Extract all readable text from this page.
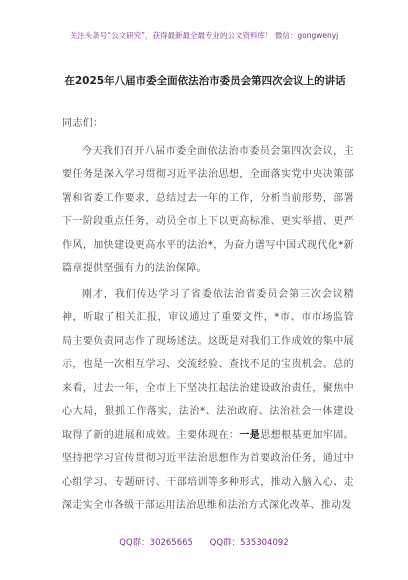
关注头条号“公文研究”，获得最新最全最专业的公文资料库！ 微信：gongwenyj
在2025年八届市委全面依法治市委员会第四次会议上的讲话

同志们：

今天我们召开八届市委全面依法治市委员会第四次会议，主要任务是深入学习贯彻习近平法治思想，全面落实党中央决策部署和省委工作要求，总结过去一年的工作，分析当前形势，部署下一阶段重点任务，动员全市上下以更高标准、更实举措、更严作风，加快建设更高水平的法治*，为奋力谱写中国式现代化*新篇章提供坚强有力的法治保障。

刚才，我们传达学习了省委依法治省委员会第三次会议精神，听取了相关汇报，审议通过了重要文件，*市、市市场监管局主要负责同志作了现场述法。这既是对我们工作成效的集中展示，也是一次相互学习、交流经验、查找不足的宝贵机会。总的来看，过去一年，全市上下坚决扛起法治建设政治责任，聚焦中心大局，狠抓工作落实，法治*、法治政府、法治社会一体建设取得了新的进展和成效。主要体现在：一是思想根基更加牢固。坚持把学习宣传贯彻习近平法治思想作为首要政治任务，通过中心组学习、专题研讨、干部培训等多种形式，推动入脑入心、走深走实全市各级干部运用法治思维和法治方式深化改革、推动发

QQ群：30265665 QQ群：535304092
